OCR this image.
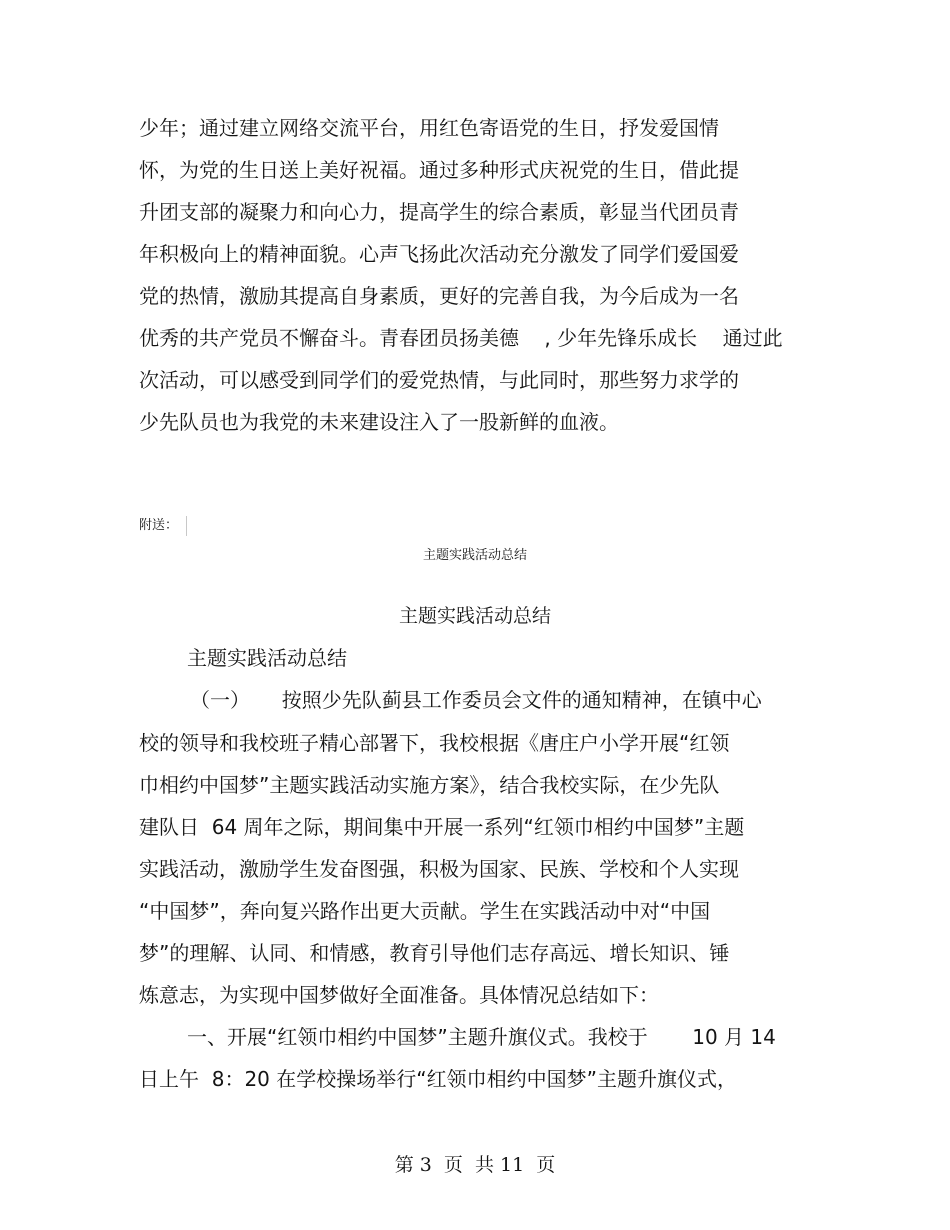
少年；通过建立网络交流平台，用红色寄语党的生日，抒发爱国情
怀，为党的生日送上美好祝福。通过多种形式庆祝党的生日，借此提
升团支部的凝聚力和向心力，提高学生的综合素质，彰显当代团员青
年积极向上的精神面貌。心声飞扬此次活动充分激发了同学们爱国爱
党的热情，激励其提高自身素质，更好的完善自我，为今后成为一名
优秀的共产党员不懈奋斗。青春团员扬美德    , 少年先锋乐成长    通过此
次活动，可以感受到同学们的爱党热情，与此同时，那些努力求学的
少先队员也为我党的未来建设注入了一股新鲜的血液。
附送：
主题实践活动总结
主题实践活动总结
主题实践活动总结
（一）     按照少先队蓟县工作委员会文件的通知精神，在镇中心
校的领导和我校班子精心部署下，我校根据《唐庄户小学开展“红领
巾相约中国梦”主题实践活动实施方案》，结合我校实际，在少先队
建队日  64 周年之际，期间集中开展一系列“红领巾相约中国梦”主题
实践活动，激励学生发奋图强，积极为国家、民族、学校和个人实现
“中国梦”，奔向复兴路作出更大贡献。学生在实践活动中对“中国
梦”的理解、认同、和情感，教育引导他们志存高远、增长知识、锤
炼意志，为实现中国梦做好全面准备。具体情况总结如下：
一、开展“红领巾相约中国梦”主题升旗仪式。我校于       10 月 14
日上午  8：20 在学校操场举行“红领巾相约中国梦”主题升旗仪式，
第 3  页  共 11  页
